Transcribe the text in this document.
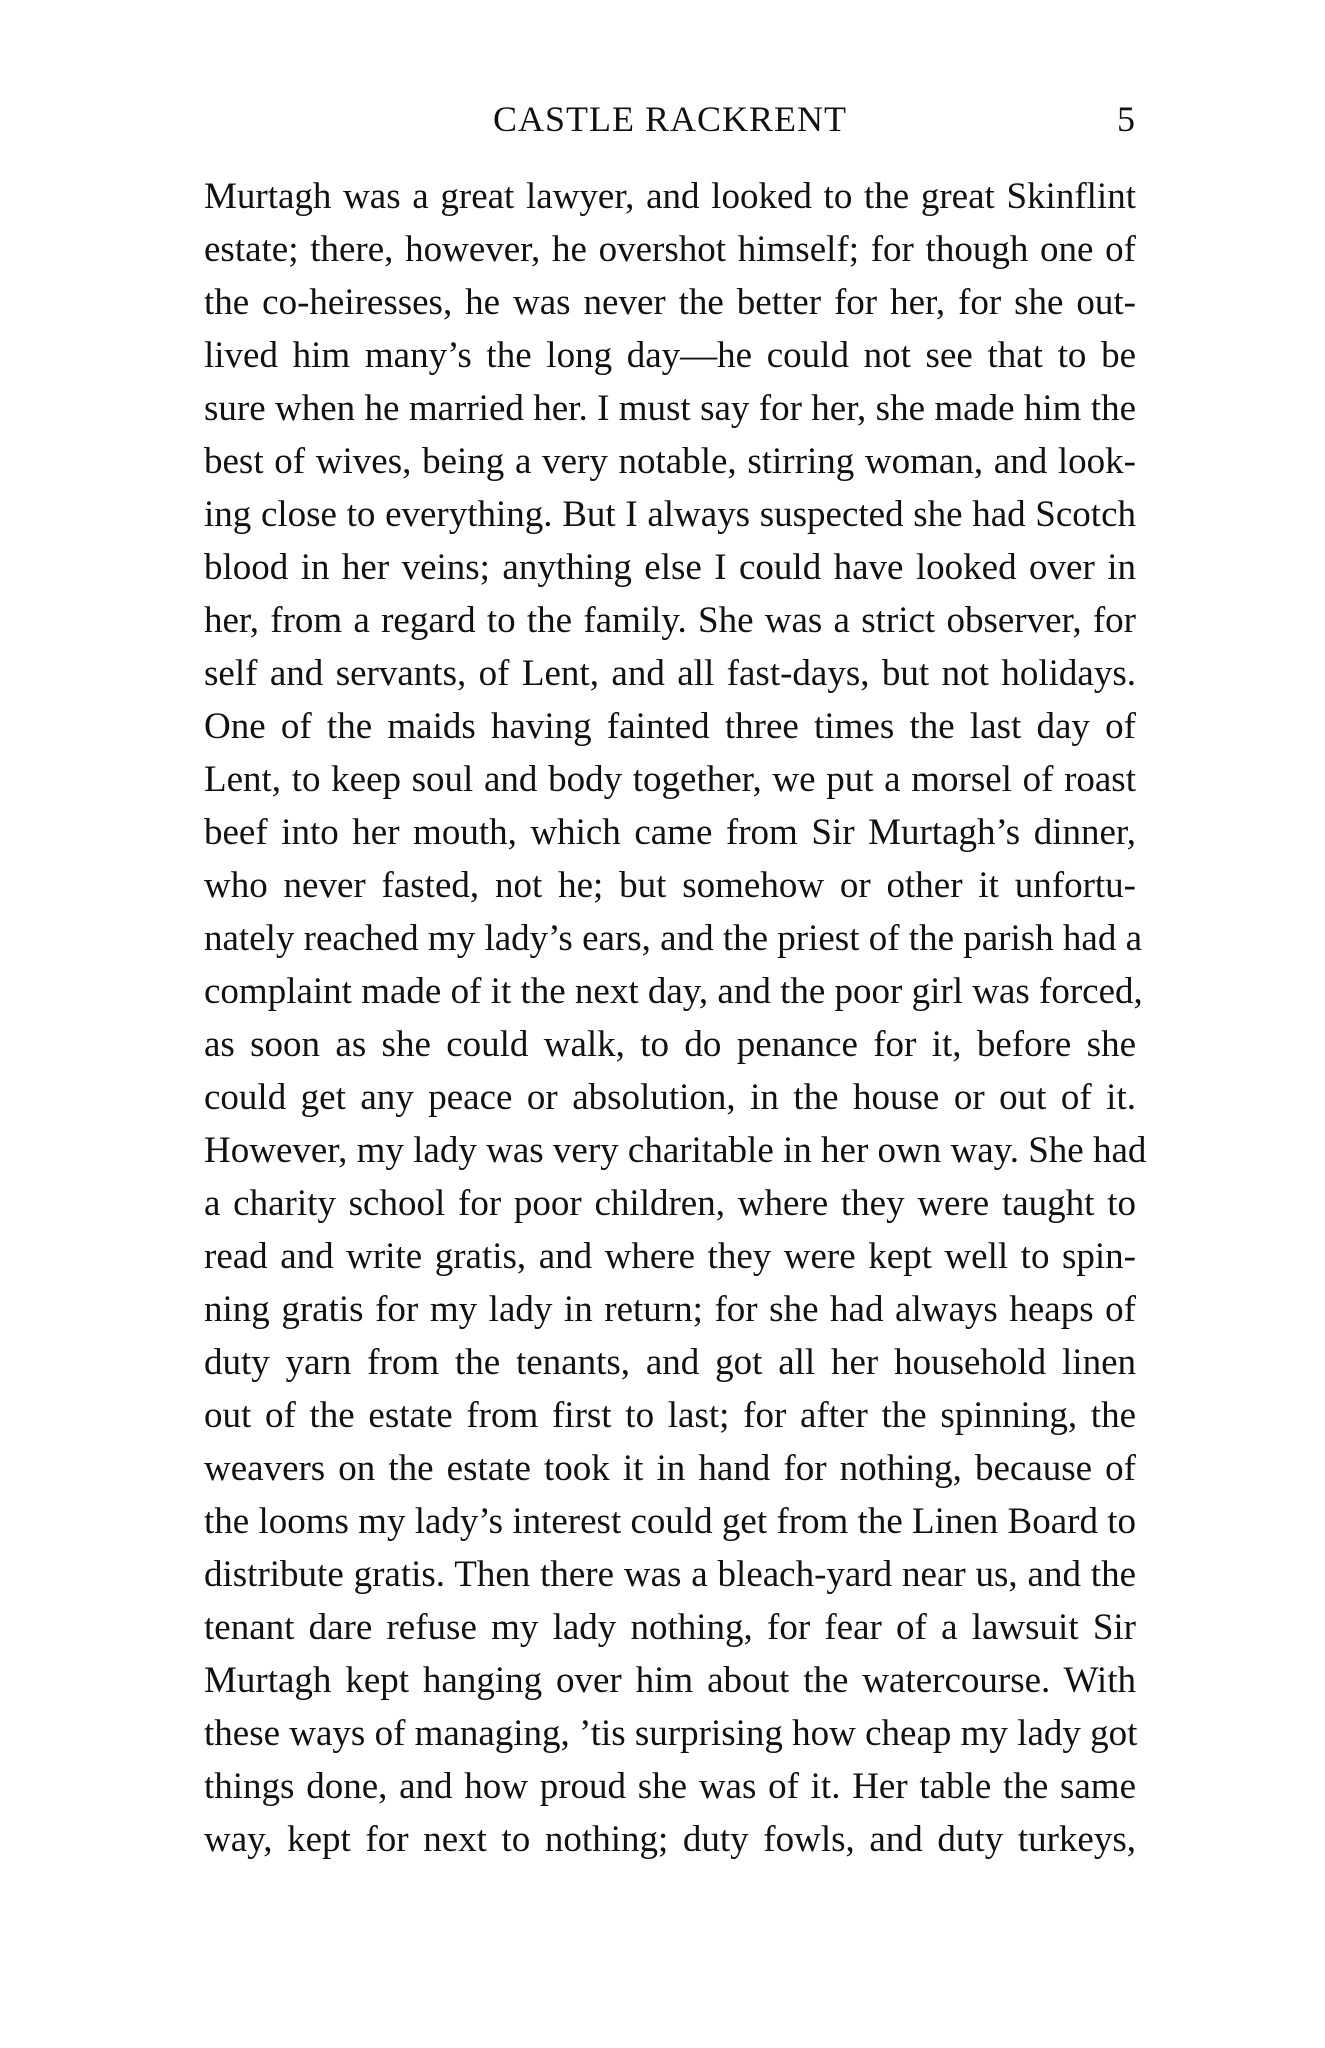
CASTLE RACKRENT	5
Murtagh was a great lawyer, and looked to the great Skinflint
estate; there, however, he overshot himself; for though one of
the co-heiresses, he was never the better for her, for she out-
lived him many’s the long day—he could not see that to be
sure when he married her. I must say for her, she made him the
best of wives, being a very notable, stirring woman, and look-
ing close to everything. But I always suspected she had Scotch
blood in her veins; anything else I could have looked over in
her, from a regard to the family. She was a strict observer, for
self and servants, of Lent, and all fast-days, but not holidays.
One of the maids having fainted three times the last day of
Lent, to keep soul and body together, we put a morsel of roast
beef into her mouth, which came from Sir Murtagh’s dinner,
who never fasted, not he; but somehow or other it unfortu-
nately reached my lady’s ears, and the priest of the parish had a
complaint made of it the next day, and the poor girl was forced,
as soon as she could walk, to do penance for it, before she
could get any peace or absolution, in the house or out of it.
However, my lady was very charitable in her own way. She had
a charity school for poor children, where they were taught to
read and write gratis, and where they were kept well to spin-
ning gratis for my lady in return; for she had always heaps of
duty yarn from the tenants, and got all her household linen
out of the estate from first to last; for after the spinning, the
weavers on the estate took it in hand for nothing, because of
the looms my lady’s interest could get from the Linen Board to
distribute gratis. Then there was a bleach-yard near us, and the
tenant dare refuse my lady nothing, for fear of a lawsuit Sir
Murtagh kept hanging over him about the watercourse. With
these ways of managing, ’tis surprising how cheap my lady got
things done, and how proud she was of it. Her table the same
way, kept for next to nothing; duty fowls, and duty turkeys,
